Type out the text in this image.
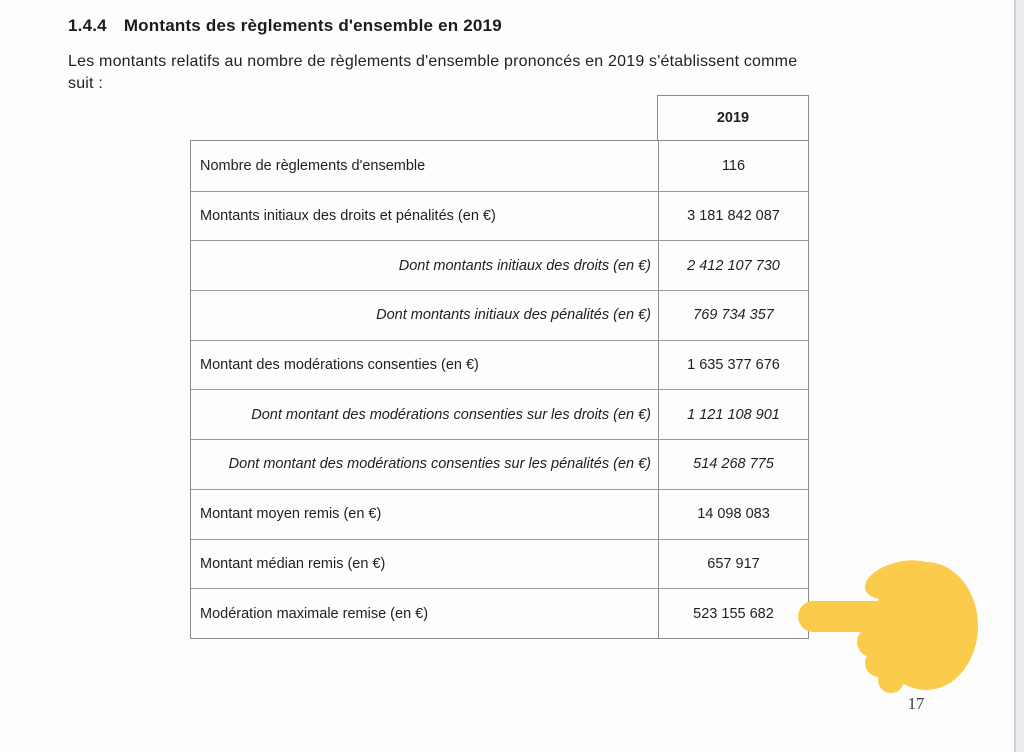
1.4.4 Montants des règlements d'ensemble en 2019
Les montants relatifs au nombre de règlements d'ensemble prononcés en 2019 s'établissent comme
suit :
2019
Nombre de règlements d'ensemble	116
Montants initiaux des droits et pénalités (en €)	3 181 842 087
Dont montants initiaux des droits (en €)	2 412 107 730
Dont montants initiaux des pénalités (en €)	769 734 357
Montant des modérations consenties (en €)	1 635 377 676
Dont montant des modérations consenties sur les droits (en €)	1 121 108 901
Dont montant des modérations consenties sur les pénalités (en €)	514 268 775
Montant moyen remis (en €)	14 098 083
Montant médian remis (en €)	657 917
Modération maximale remise (en €)	523 155 682
17
